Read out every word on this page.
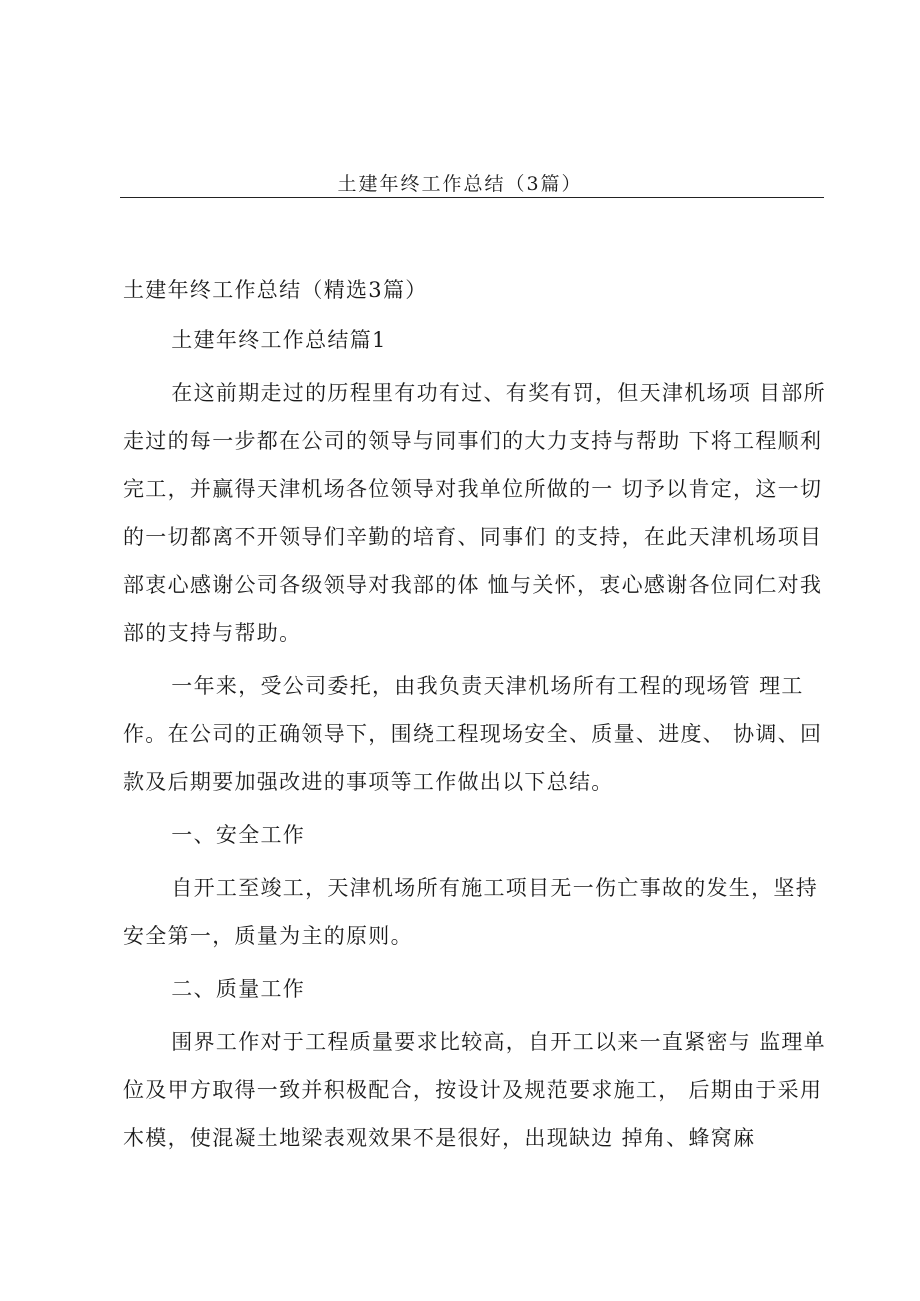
土建年终工作总结（3篇）

土建年终工作总结（精选3篇）

土建年终工作总结篇1

在这前期走过的历程里有功有过、有奖有罚，但天津机场项 目部所走过的每一步都在公司的领导与同事们的大力支持与帮助 下将工程顺利完工，并赢得天津机场各位领导对我单位所做的一 切予以肯定，这一切的一切都离不开领导们辛勤的培育、同事们 的支持，在此天津机场项目部衷心感谢公司各级领导对我部的体 恤与关怀，衷心感谢各位同仁对我部的支持与帮助。

一年来，受公司委托，由我负责天津机场所有工程的现场管 理工作。在公司的正确领导下，围绕工程现场安全、质量、进度、 协调、回款及后期要加强改进的事项等工作做出以下总结。

一、安全工作

自开工至竣工，天津机场所有施工项目无一伤亡事故的发生，坚持安全第一，质量为主的原则。

二、质量工作

围界工作对于工程质量要求比较高，自开工以来一直紧密与 监理单位及甲方取得一致并积极配合，按设计及规范要求施工， 后期由于采用木模，使混凝土地梁表观效果不是很好，出现缺边 掉角、蜂窝麻
